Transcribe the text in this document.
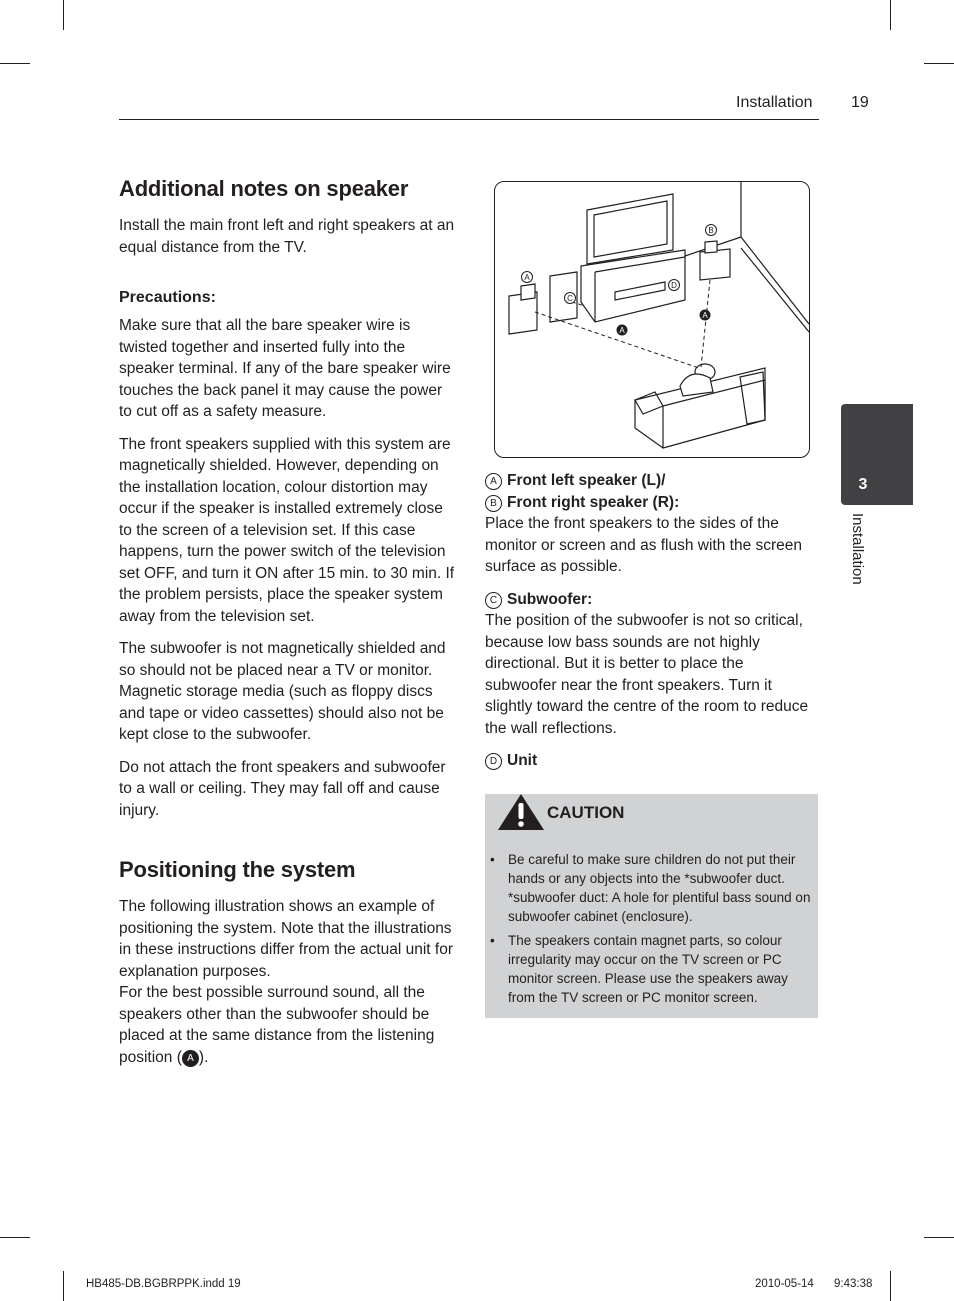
Installation 19
3
Installation
Additional notes on speaker

Install the main front left and right speakers at an equal distance from the TV.

Precautions:

Make sure that all the bare speaker wire is twisted together and inserted fully into the speaker terminal. If any of the bare speaker wire touches the back panel it may cause the power to cut off as a safety measure.

The front speakers supplied with this system are magnetically shielded. However, depending on the installation location, colour distortion may occur if the speaker is installed extremely close to the screen of a television set. If this case happens, turn the power switch of the television set OFF, and turn it ON after 15 min. to 30 min. If the problem persists, place the speaker system away from the television set.

The subwoofer is not magnetically shielded and so should not be placed near a TV or monitor. Magnetic storage media (such as floppy discs and tape or video cassettes) should also not be kept close to the subwoofer.

Do not attach the front speakers and subwoofer to a wall or ceiling. They may fall off and cause injury.

Positioning the system
The following illustration shows an example of positioning the system. Note that the illustrations in these instructions differ from the actual unit for explanation purposes.
For the best possible surround sound, all the speakers other than the subwoofer should be placed at the same distance from the listening position ( A ).
B
A
C
D
A
A
A Front left speaker (L)/
B Front right speaker (R):

Place the front speakers to the sides of the monitor or screen and as flush with the screen surface as possible.

C Subwoofer:

The position of the subwoofer is not so critical, because low bass sounds are not highly directional. But it is better to place the subwoofer near the front speakers. Turn it slightly toward the centre of the room to reduce the wall reflections.

D Unit
CAUTION
• Be careful to make sure children do not put their hands or any objects into the *subwoofer duct. *subwoofer duct: A hole for plentiful bass sound on subwoofer cabinet (enclosure).
• The speakers contain magnet parts, so colour irregularity may occur on the TV screen or PC monitor screen. Please use the speakers away from the TV screen or PC monitor screen.
HB485-DB.BGBRPPK.indd 19	2010-05-14 9:43:38
